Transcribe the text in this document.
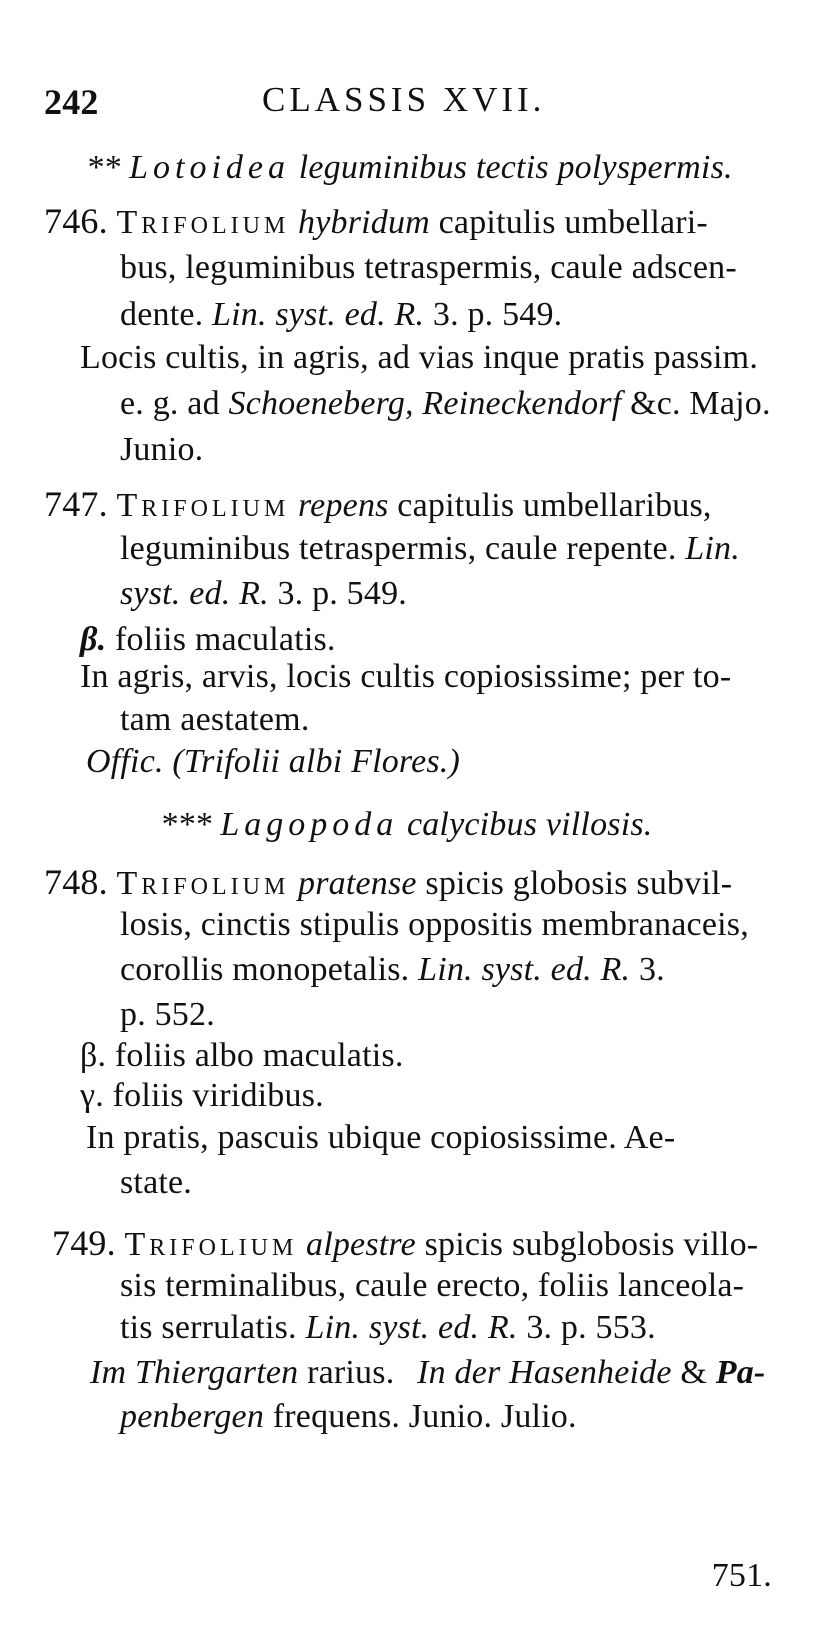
242	CLASSIS XVII.
** Lotoidea leguminibus tectis polyspermis.
746. Trifolium hybridum capitulis umbellari-
bus, leguminibus tetraspermis, caule adscen-
dente. Lin. syst. ed. R. 3. p. 549.
Locis cultis, in agris, ad vias inque pratis passim.
e. g. ad Schoeneberg, Reineckendorf &c. Majo.
Junio.
747. Trifolium repens capitulis umbellaribus,
leguminibus tetraspermis, caule repente. Lin.
syst. ed. R. 3. p. 549.
β. foliis maculatis.
In agris, arvis, locis cultis copiosissime; per to-
tam aestatem.
Offic. (Trifolii albi Flores.)
*** Lagopoda calycibus villosis.
748. Trifolium pratense spicis globosis subvil-
losis, cinctis stipulis oppositis membranaceis,
corollis monopetalis. Lin. syst. ed. R. 3.
p. 552.
β. foliis albo maculatis.
γ. foliis viridibus.
In pratis, pascuis ubique copiosissime. Ae-
state.
749. Trifolium alpestre spicis subglobosis villo-
sis terminalibus, caule erecto, foliis lanceola-
tis serrulatis. Lin. syst. ed. R. 3. p. 553.
Im Thiergarten rarius. In der Hasenheide & Pa-
penbergen frequens. Junio. Julio.
751.
